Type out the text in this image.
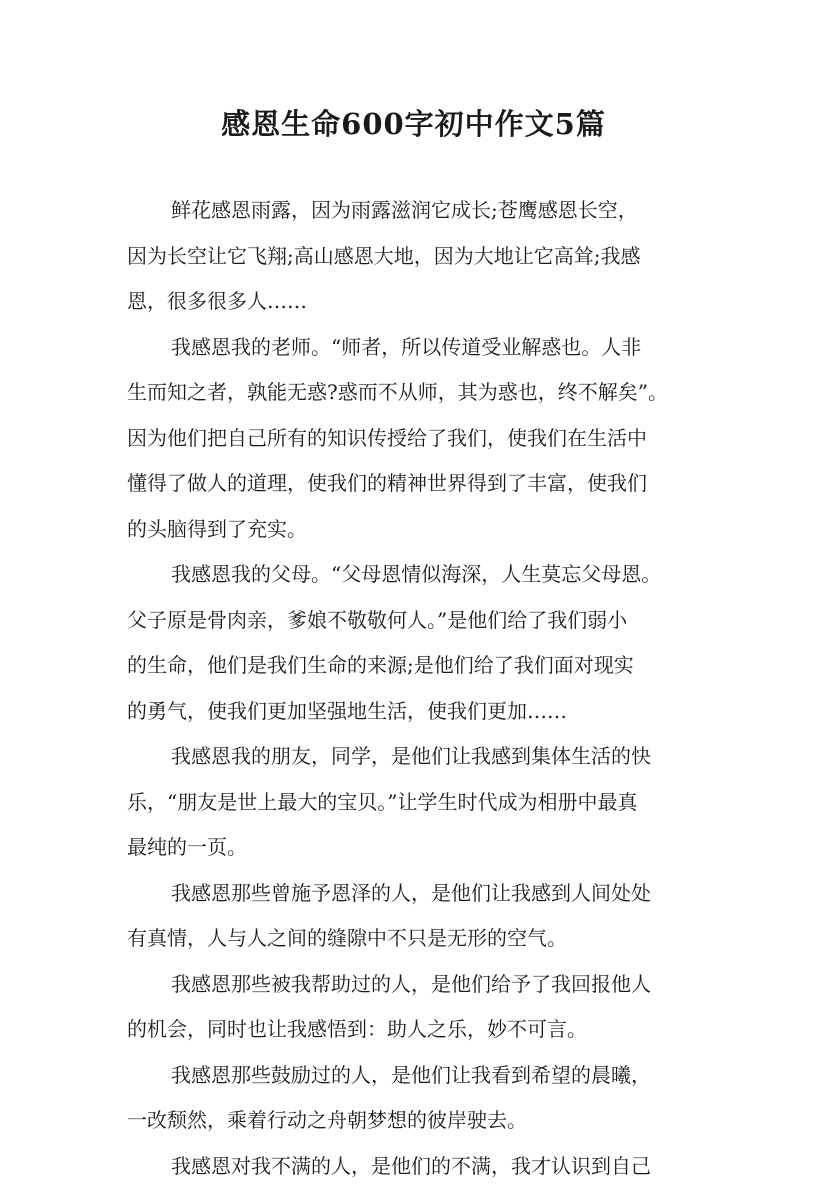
感恩生命600字初中作文5篇
鲜花感恩雨露，因为雨露滋润它成长;苍鹰感恩长空，
因为长空让它飞翔;高山感恩大地，因为大地让它高耸;我感
恩，很多很多人……
我感恩我的老师。“师者，所以传道受业解惑也。人非
生而知之者，孰能无惑?惑而不从师，其为惑也，终不解矣”。
因为他们把自己所有的知识传授给了我们，使我们在生活中
懂得了做人的道理，使我们的精神世界得到了丰富，使我们
的头脑得到了充实。
我感恩我的父母。“父母恩情似海深，人生莫忘父母恩。
父子原是骨肉亲，爹娘不敬敬何人。”是他们给了我们弱小
的生命，他们是我们生命的来源;是他们给了我们面对现实
的勇气，使我们更加坚强地生活，使我们更加……
我感恩我的朋友，同学，是他们让我感到集体生活的快
乐，“朋友是世上最大的宝贝。”让学生时代成为相册中最真
最纯的一页。
我感恩那些曾施予恩泽的人，是他们让我感到人间处处
有真情，人与人之间的缝隙中不只是无形的空气。
我感恩那些被我帮助过的人，是他们给予了我回报他人
的机会，同时也让我感悟到：助人之乐，妙不可言。
我感恩那些鼓励过的人，是他们让我看到希望的晨曦，
一改颓然，乘着行动之舟朝梦想的彼岸驶去。
我感恩对我不满的人，是他们的不满，我才认识到自己
